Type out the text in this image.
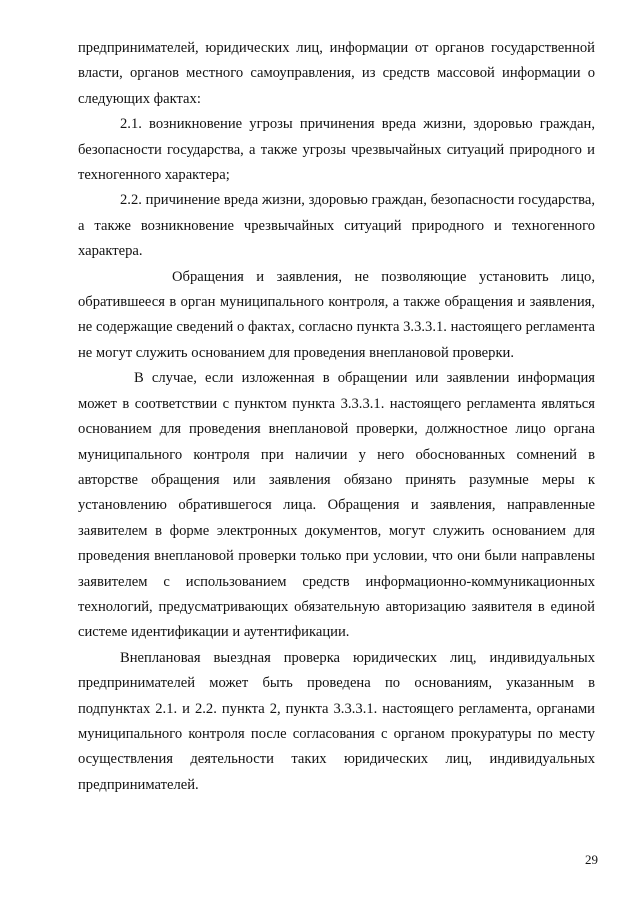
предпринимателей, юридических лиц, информации от органов государственной власти, органов местного самоуправления, из средств массовой информации о следующих фактах:

2.1. возникновение угрозы причинения вреда жизни, здоровью граждан, безопасности государства, а также угрозы чрезвычайных ситуаций природного и техногенного характера;

2.2. причинение вреда жизни, здоровью граждан, безопасности государства, а также возникновение чрезвычайных ситуаций природного и техногенного характера.

Обращения и заявления, не позволяющие установить лицо, обратившееся в орган муниципального контроля, а также обращения и заявления, не содержащие сведений о фактах, согласно пункта 3.3.3.1. настоящего регламента не могут служить основанием для проведения внеплановой проверки.

В случае, если изложенная в обращении или заявлении информация может в соответствии с пунктом пункта 3.3.3.1. настоящего регламента являться основанием для проведения внеплановой проверки, должностное лицо органа муниципального контроля при наличии у него обоснованных сомнений в авторстве обращения или заявления обязано принять разумные меры к установлению обратившегося лица. Обращения и заявления, направленные заявителем в форме электронных документов, могут служить основанием для проведения внеплановой проверки только при условии, что они были направлены заявителем с использованием средств информационно-коммуникационных технологий, предусматривающих обязательную авторизацию заявителя в единой системе идентификации и аутентификации.

Внеплановая выездная проверка юридических лиц, индивидуальных предпринимателей может быть проведена по основаниям, указанным в подпунктах 2.1. и 2.2. пункта 2, пункта 3.3.3.1. настоящего регламента, органами муниципального контроля после согласования с органом прокуратуры по месту осуществления деятельности таких юридических лиц, индивидуальных предпринимателей.

29
